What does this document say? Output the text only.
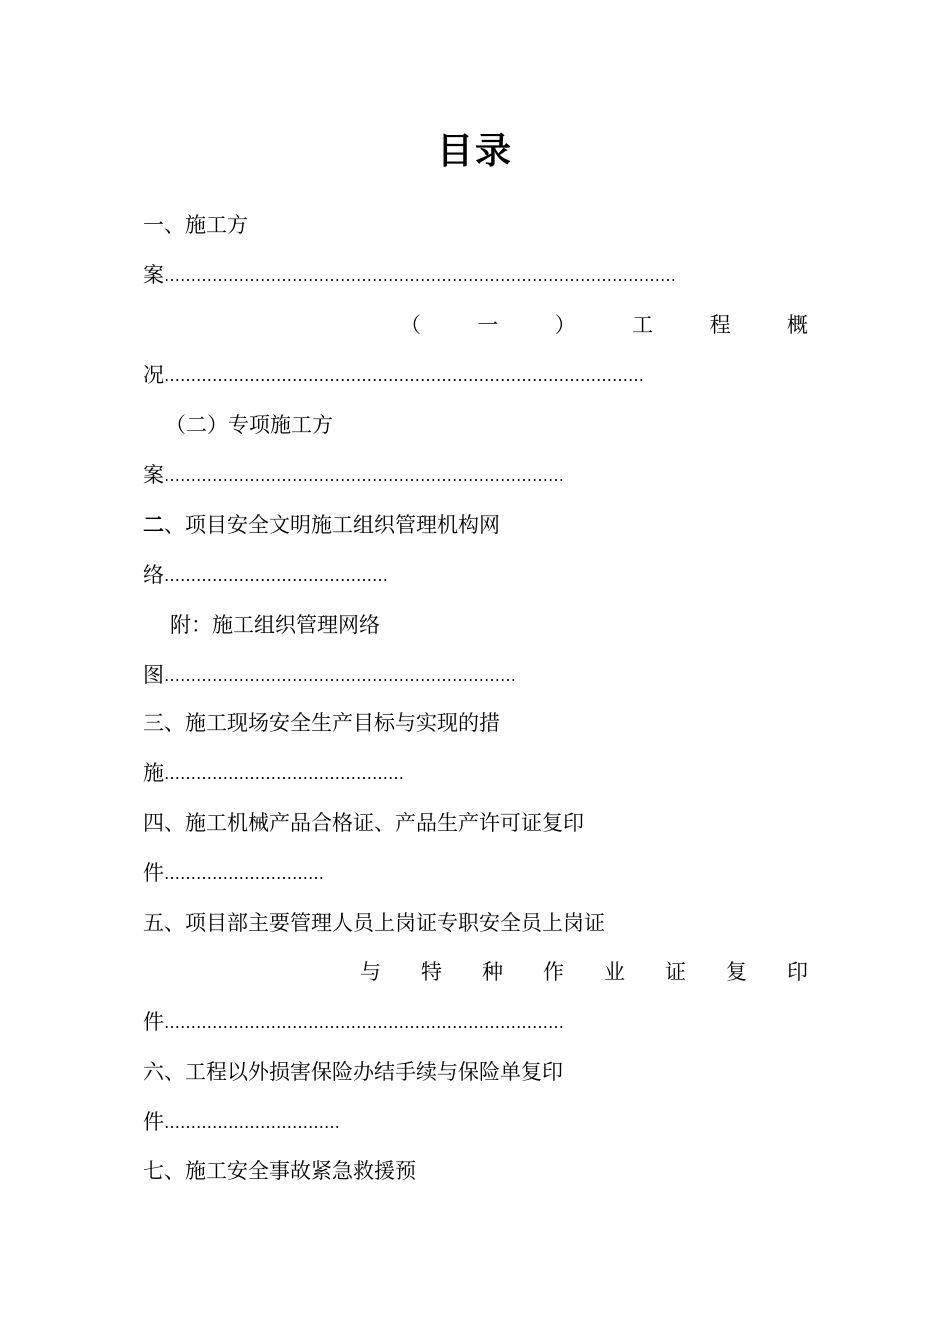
目录
一、施工方
案……………………………………………………………………………………
（	一	）	工	程	概
况………………………………………………………………………………
（二）专项施工方
案…………………………………………………………………
二、项目安全文明施工组织管理机构网
络……………………………………
附：施工组织管理网络
图…………………………………………………………
三、施工现场安全生产目标与实现的措
施………………………………………
四、施工机械产品合格证、产品生产许可证复印
件…………………………
五、项目部主要管理人员上岗证专职安全员上岗证
与 特 种 作 业 证 复 印
件…………………………………………………………………
六、工程以外损害保险办结手续与保险单复印
件……………………………
七、施工安全事故紧急救援预
